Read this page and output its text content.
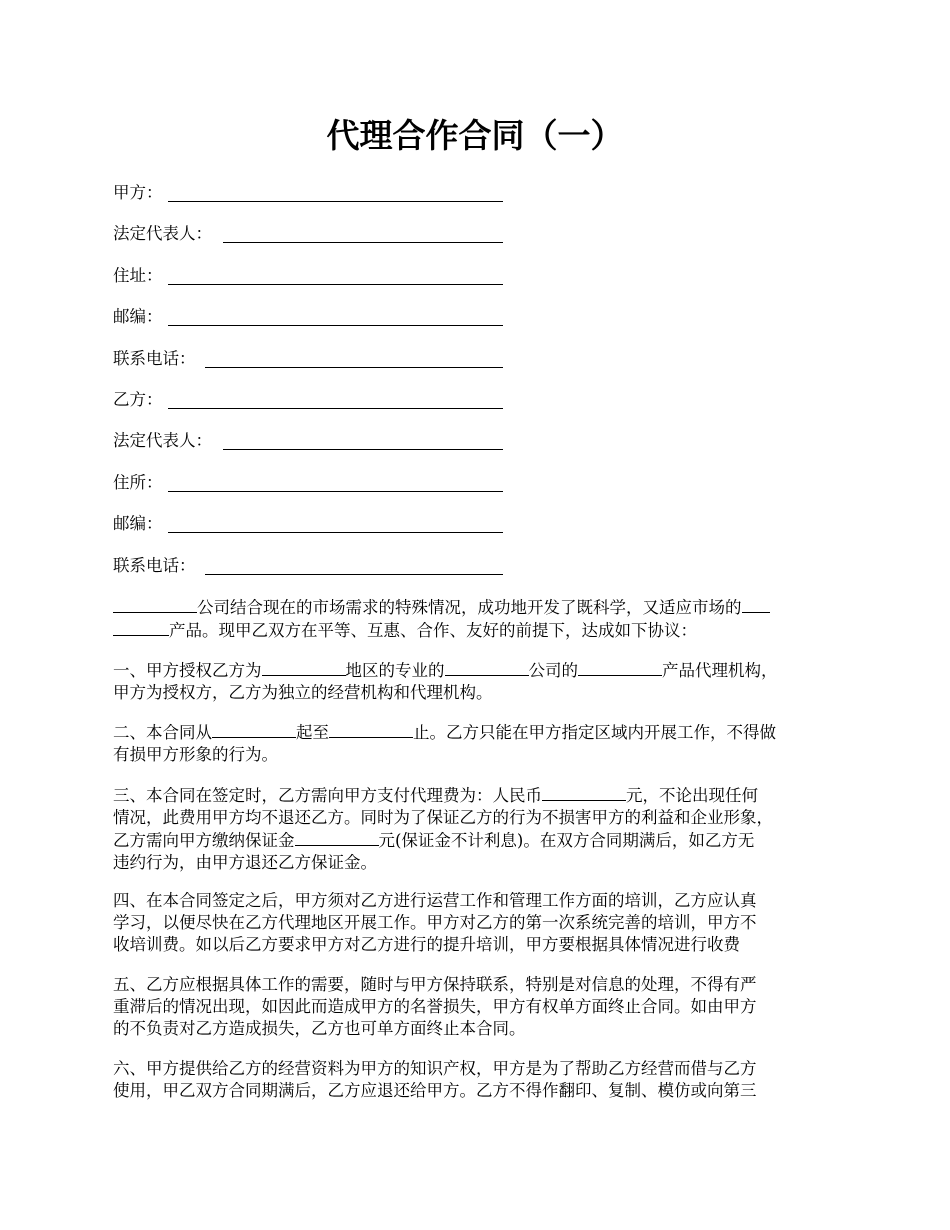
代理合作合同（一）
甲方：
法定代表人：
住址：
邮编：
联系电话：
乙方：
法定代表人：
住所：
邮编：
联系电话：
公司结合现在的市场需求的特殊情况，成功地开发了既科学，又适应市场的
产品。现甲乙双方在平等、互惠、合作、友好的前提下，达成如下协议：
一、甲方授权乙方为	地区的专业的	公司的	产品代理机构，
甲方为授权方，乙方为独立的经营机构和代理机构。
二、本合同从	起至	止。乙方只能在甲方指定区域内开展工作，不得做
有损甲方形象的行为。
三、本合同在签定时，乙方需向甲方支付代理费为：人民币	元，不论出现任何
情况，此费用甲方均不退还乙方。同时为了保证乙方的行为不损害甲方的利益和企业形象，
乙方需向甲方缴纳保证金	元(保证金不计利息)。在双方合同期满后，如乙方无
违约行为，由甲方退还乙方保证金。
四、在本合同签定之后，甲方须对乙方进行运营工作和管理工作方面的培训，乙方应认真
学习，以便尽快在乙方代理地区开展工作。甲方对乙方的第一次系统完善的培训，甲方不
收培训费。如以后乙方要求甲方对乙方进行的提升培训，甲方要根据具体情况进行收费
五、乙方应根据具体工作的需要，随时与甲方保持联系，特别是对信息的处理，不得有严
重滞后的情况出现，如因此而造成甲方的名誉损失，甲方有权单方面终止合同。如由甲方
的不负责对乙方造成损失，乙方也可单方面终止本合同。
六、甲方提供给乙方的经营资料为甲方的知识产权，甲方是为了帮助乙方经营而借与乙方
使用，甲乙双方合同期满后，乙方应退还给甲方。乙方不得作翻印、复制、模仿或向第三
